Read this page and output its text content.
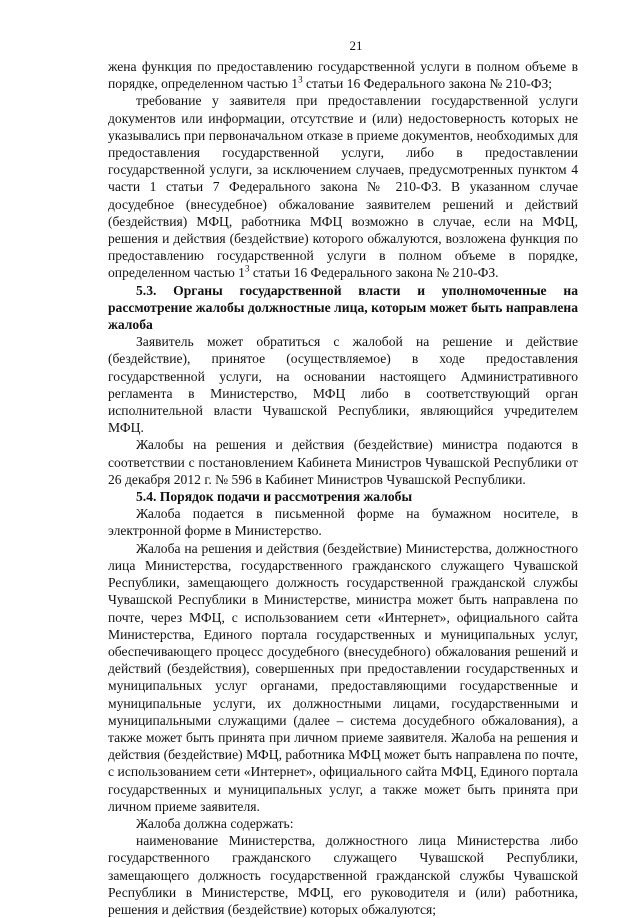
21

жена функция по предоставлению государственной услуги в полном объеме в порядке, определенном частью $1^3$ статьи 16 Федерального закона № 210-ФЗ;

требование у заявителя при предоставлении государственной услуги документов или информации, отсутствие и (или) недостоверность которых не указывались при первоначальном отказе в приеме документов, необходимых для предоставления государственной услуги, либо в предоставлении государственной услуги, за исключением случаев, предусмотренных пунктом 4 части 1 статьи 7 Федерального закона № 210-ФЗ. В указанном случае досудебное (внесудебное) обжалование заявителем решений и действий (бездействия) МФЦ, работника МФЦ возможно в случае, если на МФЦ, решения и действия (бездействие) которого обжалуются, возложена функция по предоставлению государственной услуги в полном объеме в порядке, определенном частью $1^3$ статьи 16 Федерального закона № 210-ФЗ.

5.3. Органы государственной власти и уполномоченные на рассмотрение жалобы должностные лица, которым может быть направлена жалоба

Заявитель может обратиться с жалобой на решение и действие (бездействие), принятое (осуществляемое) в ходе предоставления государственной услуги, на основании настоящего Административного регламента в Министерство, МФЦ либо в соответствующий орган исполнительной власти Чувашской Республики, являющийся учредителем МФЦ.

Жалобы на решения и действия (бездействие) министра подаются в соответствии с постановлением Кабинета Министров Чувашской Республики от 26 декабря 2012 г. № 596 в Кабинет Министров Чувашской Республики.

5.4. Порядок подачи и рассмотрения жалобы

Жалоба подается в письменной форме на бумажном носителе, в электронной форме в Министерство.

Жалоба на решения и действия (бездействие) Министерства, должностного лица Министерства, государственного гражданского служащего Чувашской Республики, замещающего должность государственной гражданской службы Чувашской Республики в Министерстве, министра может быть направлена по почте, через МФЦ, с использованием сети «Интернет», официального сайта Министерства, Единого портала государственных и муниципальных услуг, обеспечивающего процесс досудебного (внесудебного) обжалования решений и действий (бездействия), совершенных при предоставлении государственных и муниципальных услуг органами, предоставляющими государственные и муниципальные услуги, их должностными лицами, государственными и муниципальными служащими (далее – система досудебного обжалования), а также может быть принята при личном приеме заявителя. Жалоба на решения и действия (бездействие) МФЦ, работника МФЦ может быть направлена по почте, с использованием сети «Интернет», официального сайта МФЦ, Единого портала государственных и муниципальных услуг, а также может быть принята при личном приеме заявителя.

Жалоба должна содержать:

наименование Министерства, должностного лица Министерства либо государственного гражданского служащего Чувашской Республики, замещающего должность государственной гражданской службы Чувашской Республики в Министерстве, МФЦ, его руководителя и (или) работника, решения и действия (бездействие) которых обжалуются;
